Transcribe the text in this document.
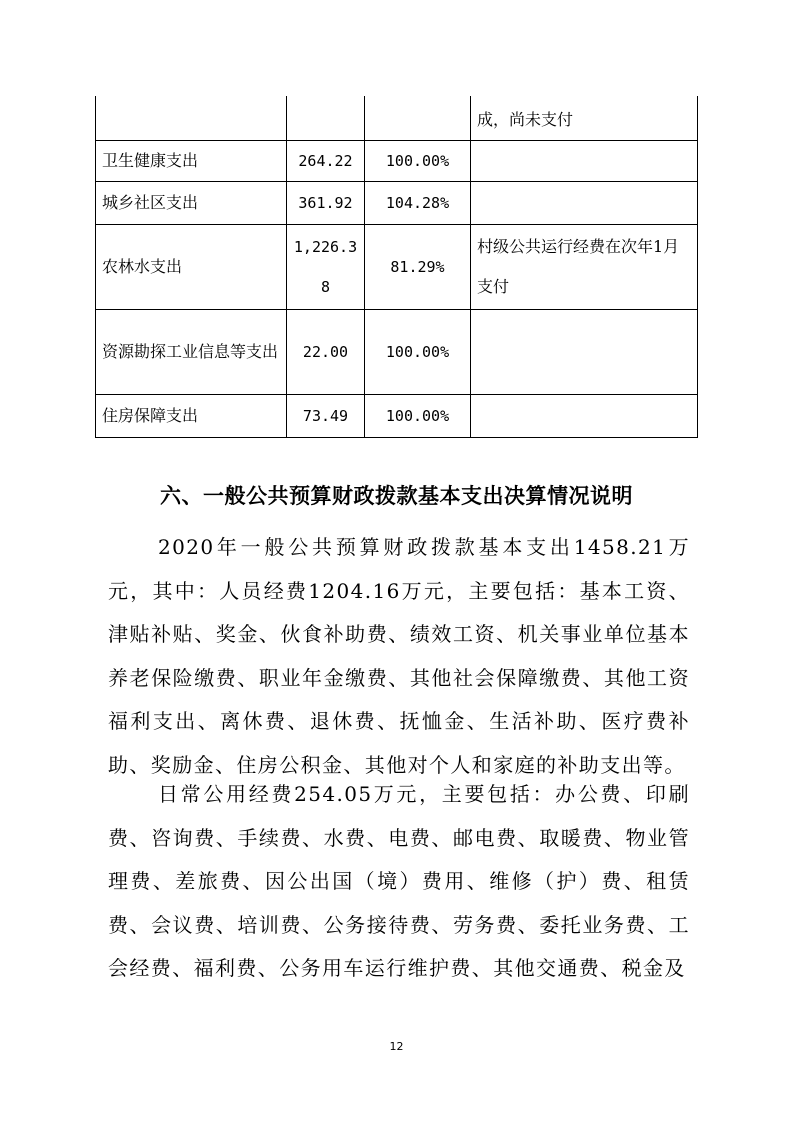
			成，尚未支付
卫生健康支出	264.22	100.00%	
城乡社区支出	361.92	104.28%	
农林水支出	1,226.38	81.29%	村级公共运行经费在次年1月支付
资源勘探工业信息等支出	22.00	100.00%	
住房保障支出	73.49	100.00%	
六、一般公共预算财政拨款基本支出决算情况说明
2020年一般公共预算财政拨款基本支出1458.21万元，其中：人员经费1204.16万元，主要包括：基本工资、津贴补贴、奖金、伙食补助费、绩效工资、机关事业单位基本养老保险缴费、职业年金缴费、其他社会保障缴费、其他工资福利支出、离休费、退休费、抚恤金、生活补助、医疗费补助、奖励金、住房公积金、其他对个人和家庭的补助支出等。
日常公用经费254.05万元，主要包括：办公费、印刷费、咨询费、手续费、水费、电费、邮电费、取暖费、物业管理费、差旅费、因公出国（境）费用、维修（护）费、租赁费、会议费、培训费、公务接待费、劳务费、委托业务费、工会经费、福利费、公务用车运行维护费、其他交通费、税金及
12
